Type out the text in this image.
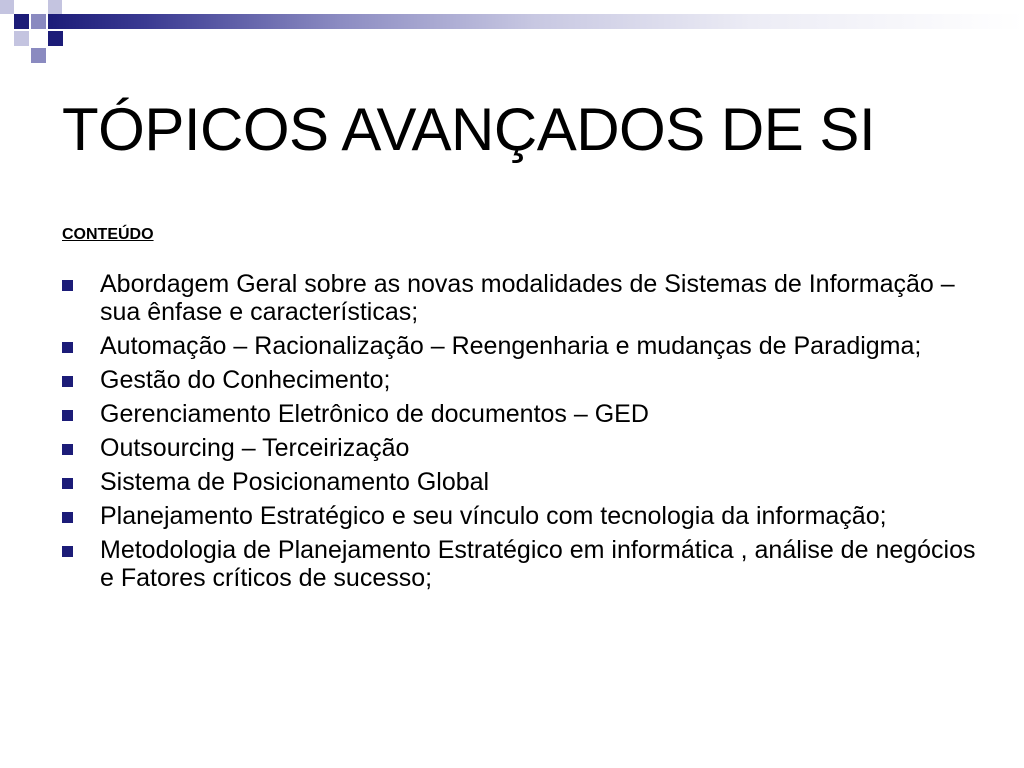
TÓPICOS AVANÇADOS DE SI
CONTEÚDO
Abordagem Geral sobre as novas modalidades de Sistemas de Informação – sua ênfase e características;
Automação – Racionalização – Reengenharia e mudanças de Paradigma;
Gestão do Conhecimento;
Gerenciamento Eletrônico de documentos – GED
Outsourcing – Terceirização
Sistema de Posicionamento Global
Planejamento Estratégico e seu vínculo com tecnologia da informação;
Metodologia de Planejamento Estratégico em informática , análise de negócios e Fatores críticos de sucesso;
